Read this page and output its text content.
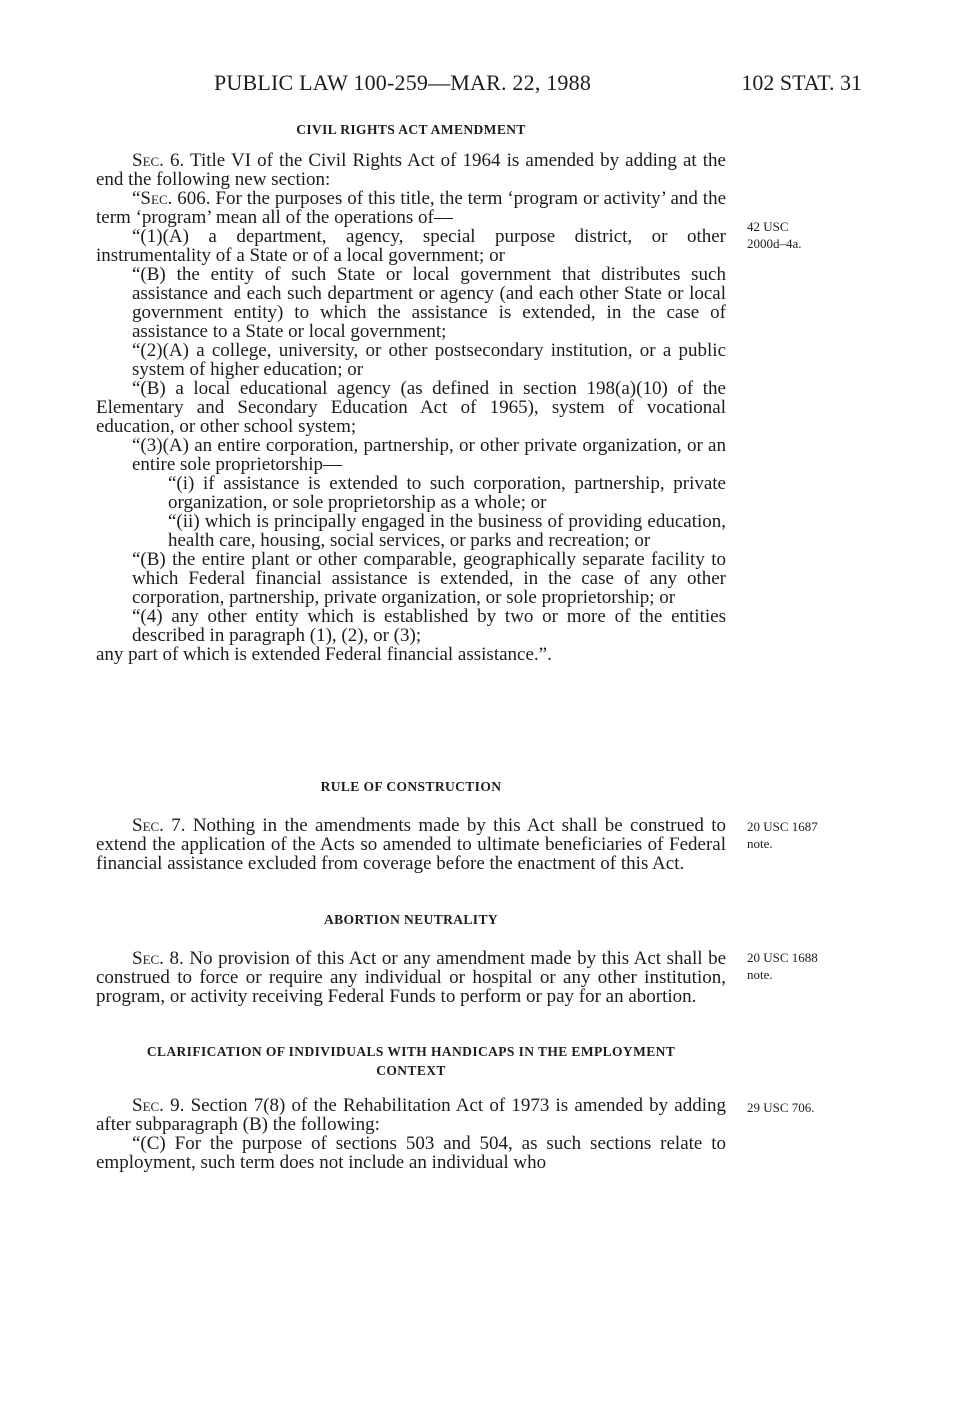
PUBLIC LAW 100-259—MAR. 22, 1988	102 STAT. 31
CIVIL RIGHTS ACT AMENDMENT

Sec. 6. Title VI of the Civil Rights Act of 1964 is amended by adding at the end the following new section:

“Sec. 606. For the purposes of this title, the term ‘program or activity’ and the term ‘program’ mean all of the operations of—

“(1)(A) a department, agency, special purpose district, or other instrumentality of a State or of a local government; or

“(B) the entity of such State or local government that distributes such assistance and each such department or agency (and each other State or local government entity) to which the assistance is extended, in the case of assistance to a State or local government;

“(2)(A) a college, university, or other postsecondary institution, or a public system of higher education; or

“(B) a local educational agency (as defined in section 198(a)(10) of the Elementary and Secondary Education Act of 1965), system of vocational education, or other school system;

“(3)(A) an entire corporation, partnership, or other private organization, or an entire sole proprietorship—

“(i) if assistance is extended to such corporation, partnership, private organization, or sole proprietorship as a whole; or

“(ii) which is principally engaged in the business of providing education, health care, housing, social services, or parks and recreation; or

“(B) the entire plant or other comparable, geographically separate facility to which Federal financial assistance is extended, in the case of any other corporation, partnership, private organization, or sole proprietorship; or

“(4) any other entity which is established by two or more of the entities described in paragraph (1), (2), or (3);

any part of which is extended Federal financial assistance.”.

42 USC
2000d–4a.
RULE OF CONSTRUCTION

Sec. 7. Nothing in the amendments made by this Act shall be construed to extend the application of the Acts so amended to ultimate beneficiaries of Federal financial assistance excluded from coverage before the enactment of this Act.

20 USC 1687
note.
ABORTION NEUTRALITY

Sec. 8. No provision of this Act or any amendment made by this Act shall be construed to force or require any individual or hospital or any other institution, program, or activity receiving Federal Funds to perform or pay for an abortion.

20 USC 1688
note.
CLARIFICATION OF INDIVIDUALS WITH HANDICAPS IN THE EMPLOYMENT CONTEXT

Sec. 9. Section 7(8) of the Rehabilitation Act of 1973 is amended by adding after subparagraph (B) the following:

“(C) For the purpose of sections 503 and 504, as such sections relate to employment, such term does not include an individual who

29 USC 706.
